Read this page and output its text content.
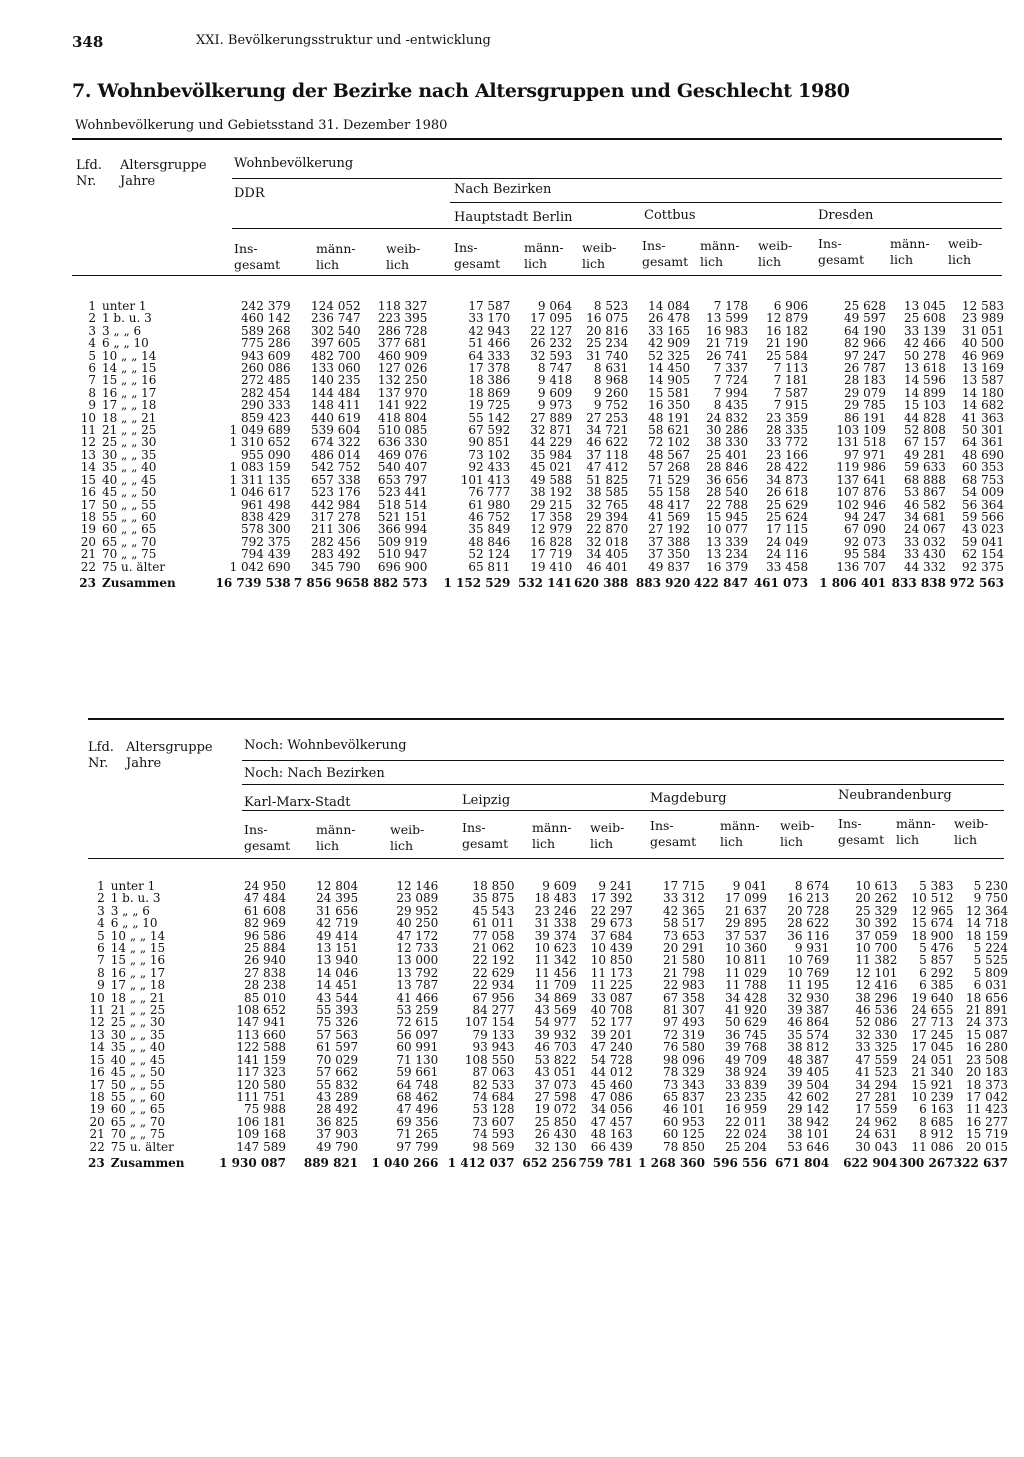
348	XXI. Bevölkerungsstruktur und -entwicklung
7. Wohnbevölkerung der Bezirke nach Altersgruppen und Geschlecht 1980
Wohnbevölkerung und Gebietsstand 31. Dezember 1980
Lfd.
Nr.
Altersgruppe
Jahre
Wohnbevölkerung
DDR	Nach Bezirken
Hauptstadt Berlin	Cottbus	Dresden
Ins-
gesamt
männ-
lich
weib-
lich
Ins-
gesamt
männ-
lich
weib-
lich
Ins-
gesamt
männ-
lich
weib-
lich
Ins-
gesamt
männ-
lich
weib-
lich
1	unter 1	242 379	124 052	118 327	17 587	9 064	8 523	14 084	7 178	6 906	25 628	13 045	12 583
2	1 b. u. 3	460 142	236 747	223 395	33 170	17 095	16 075	26 478	13 599	12 879	49 597	25 608	23 989
3	3 „ „ 6	589 268	302 540	286 728	42 943	22 127	20 816	33 165	16 983	16 182	64 190	33 139	31 051
4	6 „ „ 10	775 286	397 605	377 681	51 466	26 232	25 234	42 909	21 719	21 190	82 966	42 466	40 500
5	10 „ „ 14	943 609	482 700	460 909	64 333	32 593	31 740	52 325	26 741	25 584	97 247	50 278	46 969
6	14 „ „ 15	260 086	133 060	127 026	17 378	8 747	8 631	14 450	7 337	7 113	26 787	13 618	13 169
7	15 „ „ 16	272 485	140 235	132 250	18 386	9 418	8 968	14 905	7 724	7 181	28 183	14 596	13 587
8	16 „ „ 17	282 454	144 484	137 970	18 869	9 609	9 260	15 581	7 994	7 587	29 079	14 899	14 180
9	17 „ „ 18	290 333	148 411	141 922	19 725	9 973	9 752	16 350	8 435	7 915	29 785	15 103	14 682
10	18 „ „ 21	859 423	440 619	418 804	55 142	27 889	27 253	48 191	24 832	23 359	86 191	44 828	41 363
11	21 „ „ 25	1 049 689	539 604	510 085	67 592	32 871	34 721	58 621	30 286	28 335	103 109	52 808	50 301
12	25 „ „ 30	1 310 652	674 322	636 330	90 851	44 229	46 622	72 102	38 330	33 772	131 518	67 157	64 361
13	30 „ „ 35	955 090	486 014	469 076	73 102	35 984	37 118	48 567	25 401	23 166	97 971	49 281	48 690
14	35 „ „ 40	1 083 159	542 752	540 407	92 433	45 021	47 412	57 268	28 846	28 422	119 986	59 633	60 353
15	40 „ „ 45	1 311 135	657 338	653 797	101 413	49 588	51 825	71 529	36 656	34 873	137 641	68 888	68 753
16	45 „ „ 50	1 046 617	523 176	523 441	76 777	38 192	38 585	55 158	28 540	26 618	107 876	53 867	54 009
17	50 „ „ 55	961 498	442 984	518 514	61 980	29 215	32 765	48 417	22 788	25 629	102 946	46 582	56 364
18	55 „ „ 60	838 429	317 278	521 151	46 752	17 358	29 394	41 569	15 945	25 624	94 247	34 681	59 566
19	60 „ „ 65	578 300	211 306	366 994	35 849	12 979	22 870	27 192	10 077	17 115	67 090	24 067	43 023
20	65 „ „ 70	792 375	282 456	509 919	48 846	16 828	32 018	37 388	13 339	24 049	92 073	33 032	59 041
21	70 „ „ 75	794 439	283 492	510 947	52 124	17 719	34 405	37 350	13 234	24 116	95 584	33 430	62 154
22	75 u. älter	1 042 690	345 790	696 900	65 811	19 410	46 401	49 837	16 379	33 458	136 707	44 332	92 375
23	Zusammen	16 739 538	7 856 965	8 882 573	1 152 529	532 141	620 388	883 920	422 847	461 073	1 806 401	833 838	972 563
Lfd.
Nr.
Altersgruppe
Jahre
Noch: Wohnbevölkerung
Noch: Nach Bezirken
Karl-Marx-Stadt	Leipzig	Magdeburg	Neubrandenburg
Ins-
gesamt
männ-
lich
weib-
lich
Ins-
gesamt
männ-
lich
weib-
lich
Ins-
gesamt
männ-
lich
weib-
lich
Ins-
gesamt
männ-
lich
weib-
lich
1	unter 1	24 950	12 804	12 146	18 850	9 609	9 241	17 715	9 041	8 674	10 613	5 383	5 230
2	1 b. u. 3	47 484	24 395	23 089	35 875	18 483	17 392	33 312	17 099	16 213	20 262	10 512	9 750
3	3 „ „ 6	61 608	31 656	29 952	45 543	23 246	22 297	42 365	21 637	20 728	25 329	12 965	12 364
4	6 „ „ 10	82 969	42 719	40 250	61 011	31 338	29 673	58 517	29 895	28 622	30 392	15 674	14 718
5	10 „ „ 14	96 586	49 414	47 172	77 058	39 374	37 684	73 653	37 537	36 116	37 059	18 900	18 159
6	14 „ „ 15	25 884	13 151	12 733	21 062	10 623	10 439	20 291	10 360	9 931	10 700	5 476	5 224
7	15 „ „ 16	26 940	13 940	13 000	22 192	11 342	10 850	21 580	10 811	10 769	11 382	5 857	5 525
8	16 „ „ 17	27 838	14 046	13 792	22 629	11 456	11 173	21 798	11 029	10 769	12 101	6 292	5 809
9	17 „ „ 18	28 238	14 451	13 787	22 934	11 709	11 225	22 983	11 788	11 195	12 416	6 385	6 031
10	18 „ „ 21	85 010	43 544	41 466	67 956	34 869	33 087	67 358	34 428	32 930	38 296	19 640	18 656
11	21 „ „ 25	108 652	55 393	53 259	84 277	43 569	40 708	81 307	41 920	39 387	46 536	24 655	21 891
12	25 „ „ 30	147 941	75 326	72 615	107 154	54 977	52 177	97 493	50 629	46 864	52 086	27 713	24 373
13	30 „ „ 35	113 660	57 563	56 097	79 133	39 932	39 201	72 319	36 745	35 574	32 330	17 245	15 087
14	35 „ „ 40	122 588	61 597	60 991	93 943	46 703	47 240	76 580	39 768	38 812	33 325	17 045	16 280
15	40 „ „ 45	141 159	70 029	71 130	108 550	53 822	54 728	98 096	49 709	48 387	47 559	24 051	23 508
16	45 „ „ 50	117 323	57 662	59 661	87 063	43 051	44 012	78 329	38 924	39 405	41 523	21 340	20 183
17	50 „ „ 55	120 580	55 832	64 748	82 533	37 073	45 460	73 343	33 839	39 504	34 294	15 921	18 373
18	55 „ „ 60	111 751	43 289	68 462	74 684	27 598	47 086	65 837	23 235	42 602	27 281	10 239	17 042
19	60 „ „ 65	75 988	28 492	47 496	53 128	19 072	34 056	46 101	16 959	29 142	17 559	6 163	11 423
20	65 „ „ 70	106 181	36 825	69 356	73 607	25 850	47 457	60 953	22 011	38 942	24 962	8 685	16 277
21	70 „ „ 75	109 168	37 903	71 265	74 593	26 430	48 163	60 125	22 024	38 101	24 631	8 912	15 719
22	75 u. älter	147 589	49 790	97 799	98 569	32 130	66 439	78 850	25 204	53 646	30 043	11 086	20 015
23	Zusammen	1 930 087	889 821	1 040 266	1 412 037	652 256	759 781	1 268 360	596 556	671 804	622 904	300 267	322 637
